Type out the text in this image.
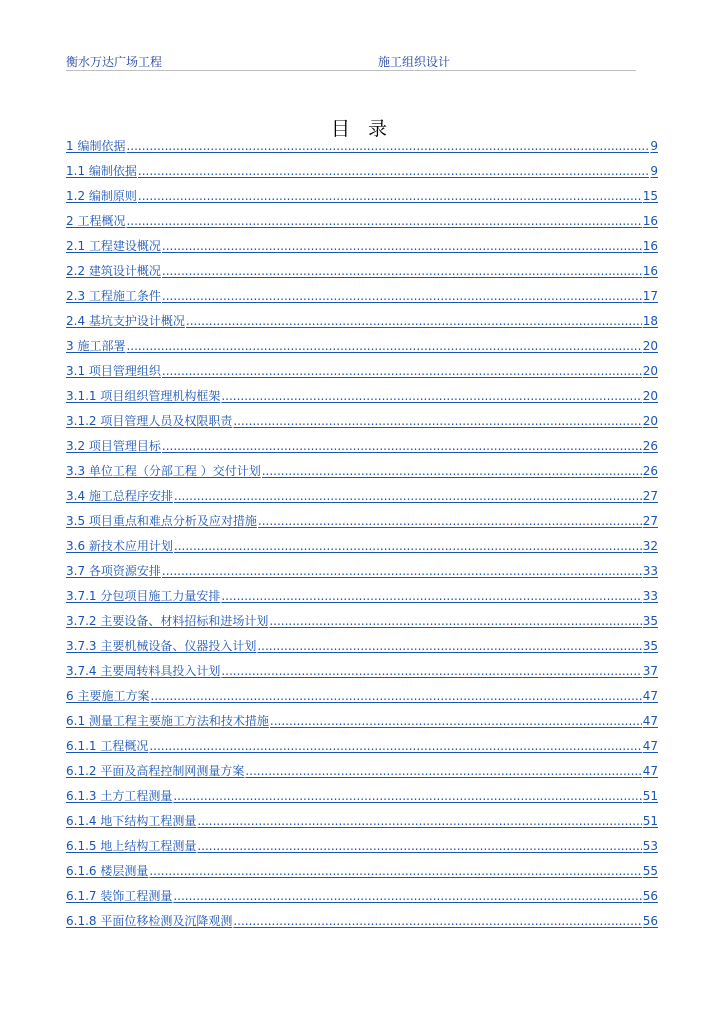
衡水万达广场工程	施工组织设计
目 录
1 编制依据 .....	9
1.1 编制依据 .....	9
1.2 编制原则 .....	15
2 工程概况 .....	16
2.1 工程建设概况 .....	16
2.2 建筑设计概况 .....	16
2.3 工程施工条件 .....	17
2.4 基坑支护设计概况 .....	18
3 施工部署 .....	20
3.1 项目管理组织 .....	20
3.1.1 项目组织管理机构框架 .....	20
3.1.2 项目管理人员及权限职责 .....	20
3.2 项目管理目标 .....	26
3.3 单位工程（分部工程 ）交付计划 .....	26
3.4 施工总程序安排 .....	27
3.5 项目重点和难点分析及应对措施 .....	27
3.6 新技术应用计划 .....	32
3.7 各项资源安排 .....	33
3.7.1 分包项目施工力量安排 .....	33
3.7.2 主要设备、材料招标和进场计划 .....	35
3.7.3 主要机械设备、仪器投入计划 .....	35
3.7.4 主要周转料具投入计划 .....	37
6 主要施工方案 .....	47
6.1 测量工程主要施工方法和技术措施 .....	47
6.1.1 工程概况 .....	47
6.1.2 平面及高程控制网测量方案 .....	47
6.1.3 土方工程测量 .....	51
6.1.4 地下结构工程测量 .....	51
6.1.5 地上结构工程测量 .....	53
6.1.6 楼层测量 .....	55
6.1.7 装饰工程测量 .....	56
6.1.8 平面位移检测及沉降观测 .....	56
